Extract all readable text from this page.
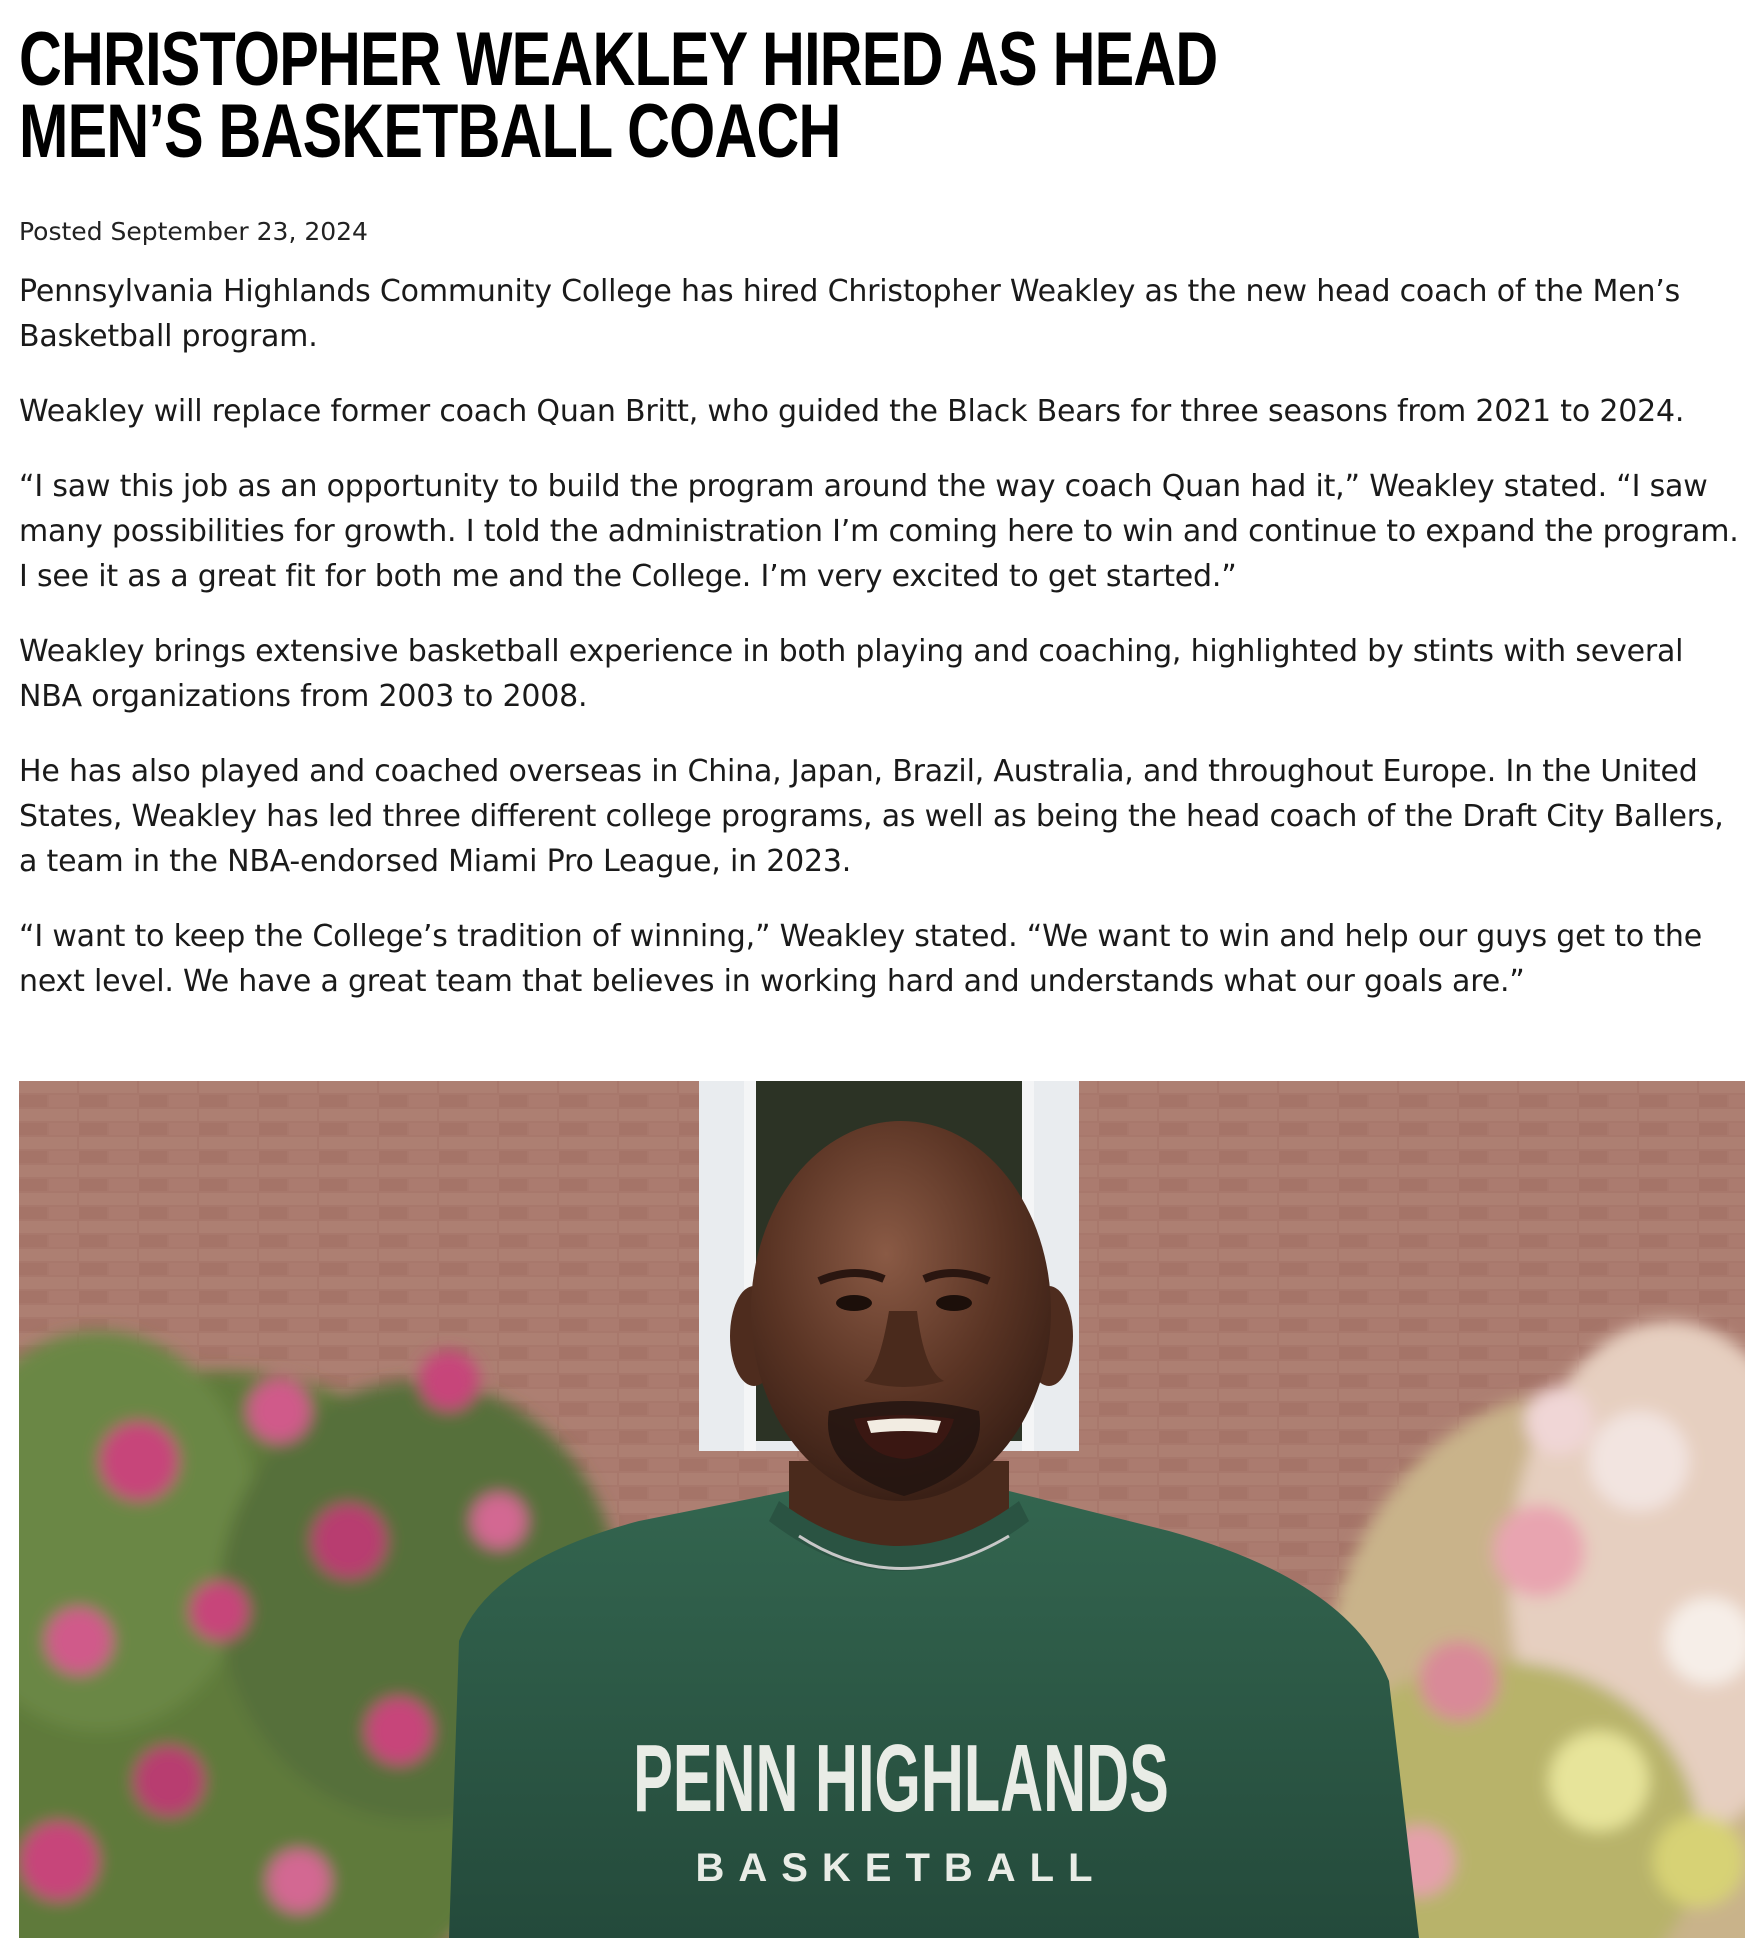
CHRISTOPHER WEAKLEY HIRED AS HEAD MEN’S BASKETBALL COACH
Posted September 23, 2024

Pennsylvania Highlands Community College has hired Christopher Weakley as the new head coach of the Men’s Basketball program.

Weakley will replace former coach Quan Britt, who guided the Black Bears for three seasons from 2021 to 2024.

“I saw this job as an opportunity to build the program around the way coach Quan had it,” Weakley stated. “I saw many possibilities for growth. I told the administration I’m coming here to win and continue to expand the program. I see it as a great fit for both me and the College. I’m very excited to get started.”

Weakley brings extensive basketball experience in both playing and coaching, highlighted by stints with several NBA organizations from 2003 to 2008.

He has also played and coached overseas in China, Japan, Brazil, Australia, and throughout Europe. In the United States, Weakley has led three different college programs, as well as being the head coach of the Draft City Ballers, a team in the NBA-endorsed Miami Pro League, in 2023.

“I want to keep the College’s tradition of winning,” Weakley stated. “We want to win and help our guys get to the next level. We have a great team that believes in working hard and understands what our goals are.”

PENN HIGHLANDS
BASKETBALL
